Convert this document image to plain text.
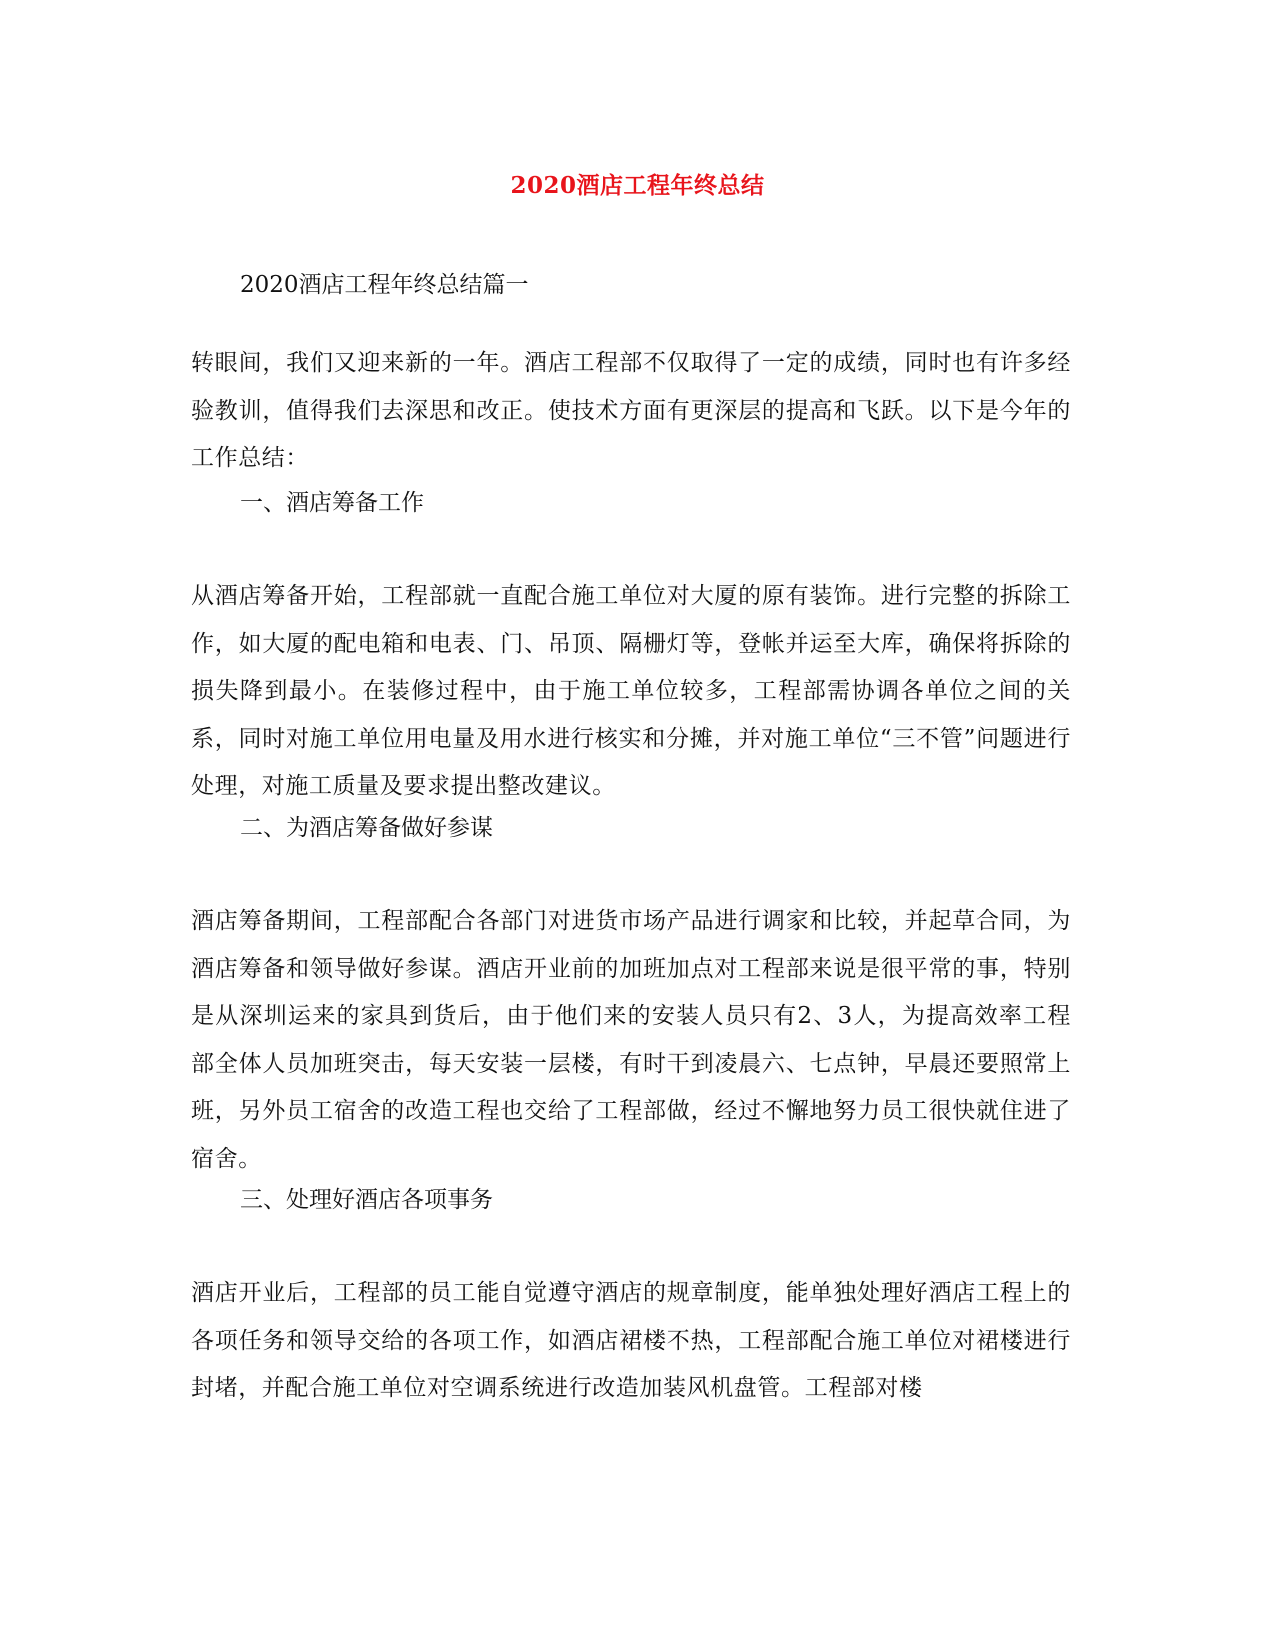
2020酒店工程年终总结
2020酒店工程年终总结篇一
转眼间，我们又迎来新的一年。酒店工程部不仅取得了一定的成绩，同时也有许多经验教训，值得我们去深思和改正。使技术方面有更深层的提高和飞跃。以下是今年的工作总结：
一、酒店筹备工作
从酒店筹备开始，工程部就一直配合施工单位对大厦的原有装饰。进行完整的拆除工作，如大厦的配电箱和电表、门、吊顶、隔栅灯等，登帐并运至大库，确保将拆除的损失降到最小。在装修过程中，由于施工单位较多，工程部需协调各单位之间的关系，同时对施工单位用电量及用水进行核实和分摊，并对施工单位“三不管”问题进行处理，对施工质量及要求提出整改建议。
二、为酒店筹备做好参谋
酒店筹备期间，工程部配合各部门对进货市场产品进行调家和比较，并起草合同，为酒店筹备和领导做好参谋。酒店开业前的加班加点对工程部来说是很平常的事，特别是从深圳运来的家具到货后，由于他们来的安装人员只有2、3人，为提高效率工程部全体人员加班突击，每天安装一层楼，有时干到凌晨六、七点钟，早晨还要照常上班，另外员工宿舍的改造工程也交给了工程部做，经过不懈地努力员工很快就住进了宿舍。
三、处理好酒店各项事务
酒店开业后，工程部的员工能自觉遵守酒店的规章制度，能单独处理好酒店工程上的各项任务和领导交给的各项工作，如酒店裙楼不热，工程部配合施工单位对裙楼进行封堵，并配合施工单位对空调系统进行改造加装风机盘管。工程部对楼
